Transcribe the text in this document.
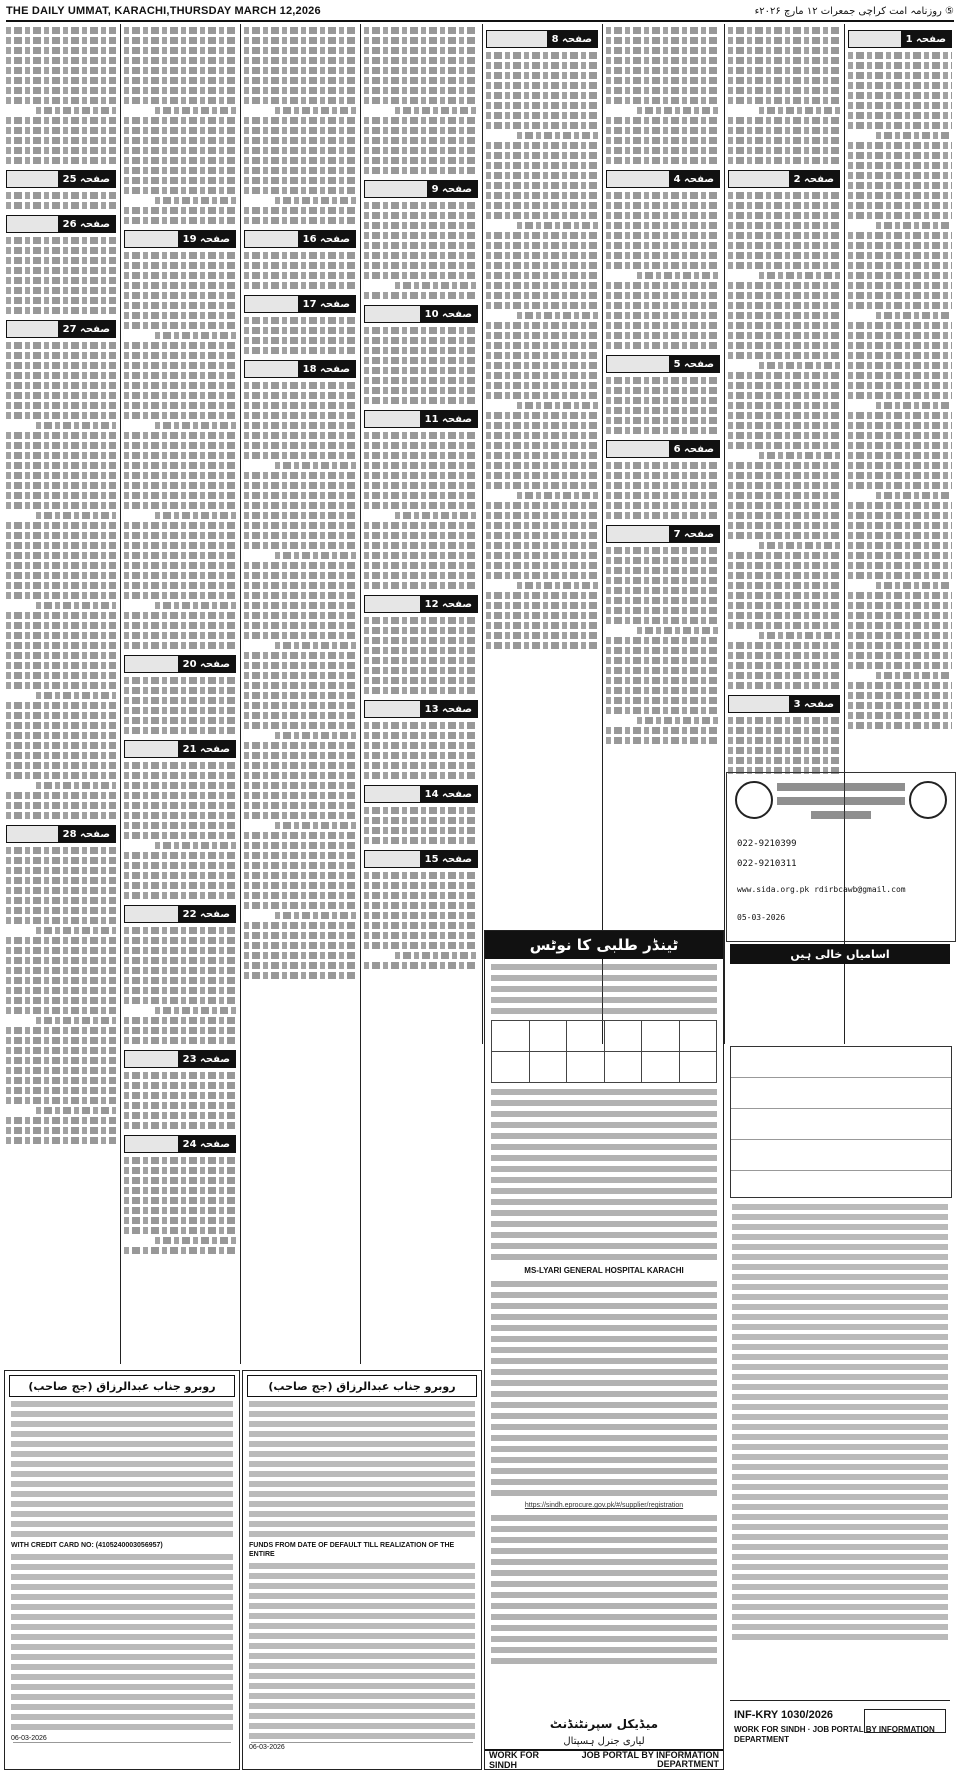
THE DAILY UMMAT, KARACHI,THURSDAY MARCH 12,2026	⑤ روزنامہ امت کراچی جمعرات ۱۲ مارچ ۲۰۲۶ء
صفحہ 1
صفحہ 2
صفحہ 3
صفحہ 4
صفحہ 5
صفحہ 6
صفحہ 7
صفحہ 8
صفحہ 9
صفحہ 10
صفحہ 11
صفحہ 12
صفحہ 13
صفحہ 14
صفحہ 15
صفحہ 16
صفحہ 17
صفحہ 18
صفحہ 19
صفحہ 20
صفحہ 21
صفحہ 22
صفحہ 23
صفحہ 24
صفحہ 25
صفحہ 26
صفحہ 27
صفحہ 28
022-9210399
022-9210311
www.sida.org.pk rdirbcawb@gmail.com
05-03-2026
اسامیاں خالی ہیں
INF-KRY 1030/2026
WORK FOR SINDH · JOB PORTAL BY INFORMATION DEPARTMENT
ٹینڈر طلبی کا نوٹس

MS-LYARI GENERAL HOSPITAL KARACHI
https://sindh.eprocure.gov.pk/#/supplier/registration
میڈیکل سپرنٹنڈنٹ
لیاری جنرل ہسپتال
WORK FOR SINDH
JOB PORTAL BY INFORMATION DEPARTMENT
روبرو جناب عبدالرزاق (جج صاحب)
WITH CREDIT CARD NO: (4105240003056957)
06-03-2026
روبرو جناب عبدالرزاق (جج صاحب)
FUNDS FROM DATE OF DEFAULT TILL REALIZATION OF THE ENTIRE
06-03-2026
